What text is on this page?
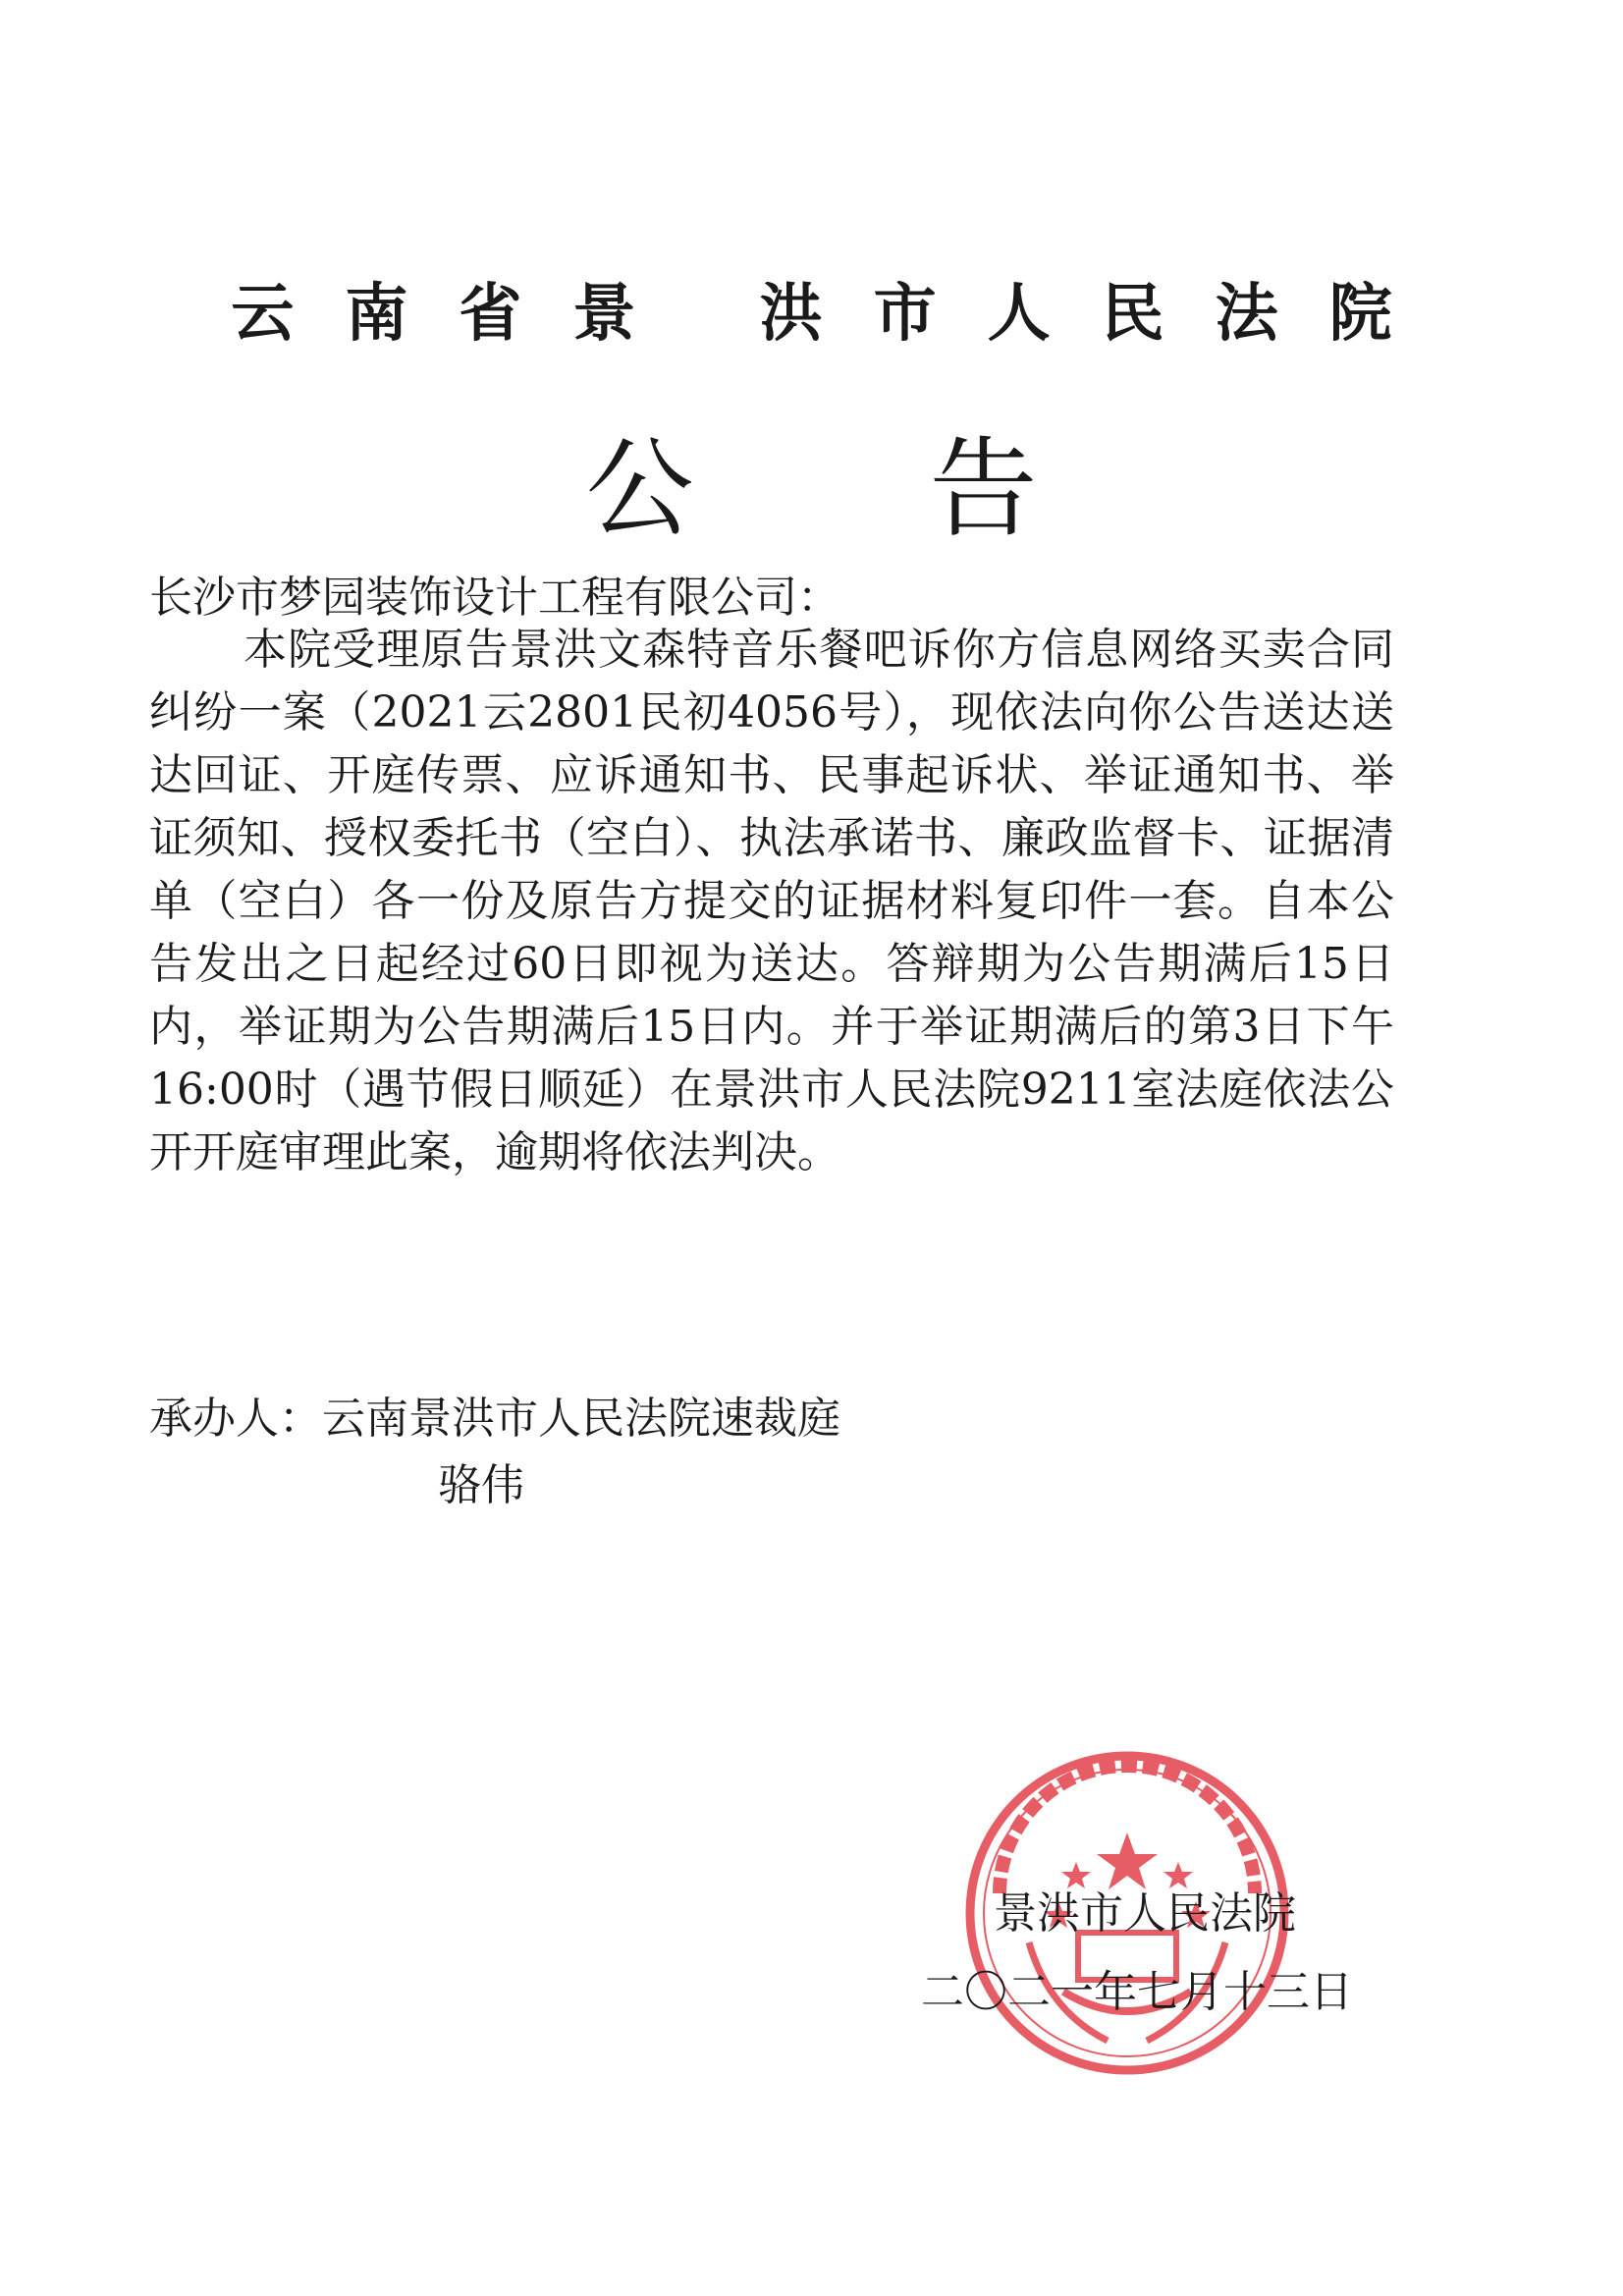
云南省景 洪市人民法院
公告
长沙市梦园装饰设计工程有限公司：
本院受理原告景洪文森特音乐餐吧诉你方信息网络买卖合同纠纷一案（2021云2801民初4056号），现依法向你公告送达送达回证、开庭传票、应诉通知书、民事起诉状、举证通知书、举证须知、授权委托书（空白）、执法承诺书、廉政监督卡、证据清单（空白）各一份及原告方提交的证据材料复印件一套。自本公告发出之日起经过60日即视为送达。答辩期为公告期满后15日内，举证期为公告期满后15日内。并于举证期满后的第3日下午16:00时（遇节假日顺延）在景洪市人民法院9211室法庭依法公开开庭审理此案，逾期将依法判决。
承办人：云南景洪市人民法院速裁庭
骆伟
景洪市人民法院
二〇二一年七月十三日
